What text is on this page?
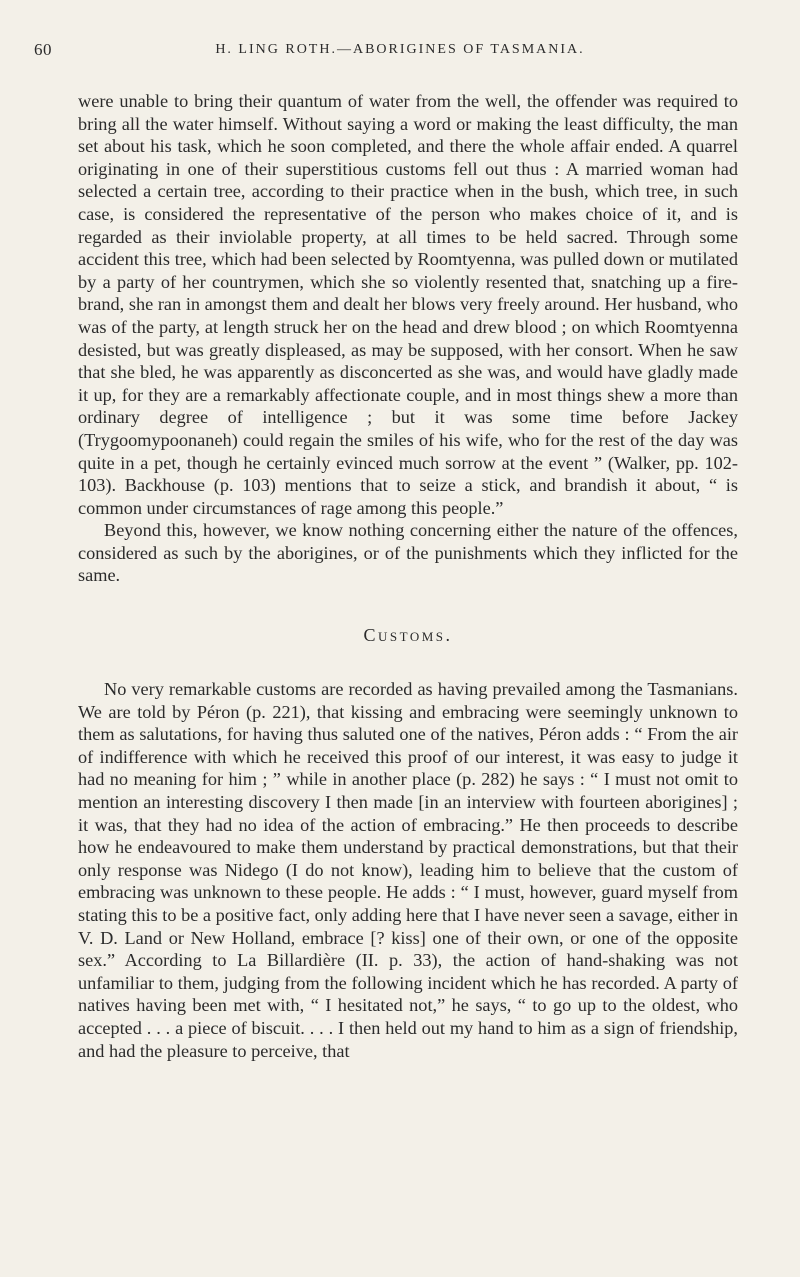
60	H. LING ROTH.—ABORIGINES OF TASMANIA.

were unable to bring their quantum of water from the well, the offender was required to bring all the water himself. Without saying a word or making the least difficulty, the man set about his task, which he soon completed, and there the whole affair ended. A quarrel originating in one of their superstitious customs fell out thus : A married woman had selected a certain tree, according to their practice when in the bush, which tree, in such case, is considered the representative of the person who makes choice of it, and is regarded as their inviolable property, at all times to be held sacred. Through some accident this tree, which had been selected by Roomtyenna, was pulled down or mutilated by a party of her countrymen, which she so violently resented that, snatching up a fire-brand, she ran in amongst them and dealt her blows very freely around. Her husband, who was of the party, at length struck her on the head and drew blood ; on which Roomtyenna desisted, but was greatly displeased, as may be supposed, with her consort. When he saw that she bled, he was apparently as disconcerted as she was, and would have gladly made it up, for they are a remarkably affectionate couple, and in most things shew a more than ordinary degree of intelligence ; but it was some time before Jackey (Trygoomypoonaneh) could regain the smiles of his wife, who for the rest of the day was quite in a pet, though he certainly evinced much sorrow at the event ” (Walker, pp. 102-103). Backhouse (p. 103) mentions that to seize a stick, and brandish it about, “ is common under circumstances of rage among this people.”

Beyond this, however, we know nothing concerning either the nature of the offences, considered as such by the aborigines, or of the punishments which they inflicted for the same.

Customs.

No very remarkable customs are recorded as having prevailed among the Tasmanians. We are told by Péron (p. 221), that kissing and embracing were seemingly unknown to them as salutations, for having thus saluted one of the natives, Péron adds : “ From the air of indifference with which he received this proof of our interest, it was easy to judge it had no meaning for him ; ” while in another place (p. 282) he says : “ I must not omit to mention an interesting discovery I then made [in an interview with fourteen aborigines] ; it was, that they had no idea of the action of embracing.” He then proceeds to describe how he endeavoured to make them understand by practical demonstrations, but that their only response was Nidego (I do not know), leading him to believe that the custom of embracing was unknown to these people. He adds : “ I must, however, guard myself from stating this to be a positive fact, only adding here that I have never seen a savage, either in V. D. Land or New Holland, embrace [? kiss] one of their own, or one of the opposite sex.” According to La Billardière (II. p. 33), the action of hand-shaking was not unfamiliar to them, judging from the following incident which he has recorded. A party of natives having been met with, “ I hesitated not,” he says, “ to go up to the oldest, who accepted . . . a piece of biscuit. . . . I then held out my hand to him as a sign of friendship, and had the pleasure to perceive, that
